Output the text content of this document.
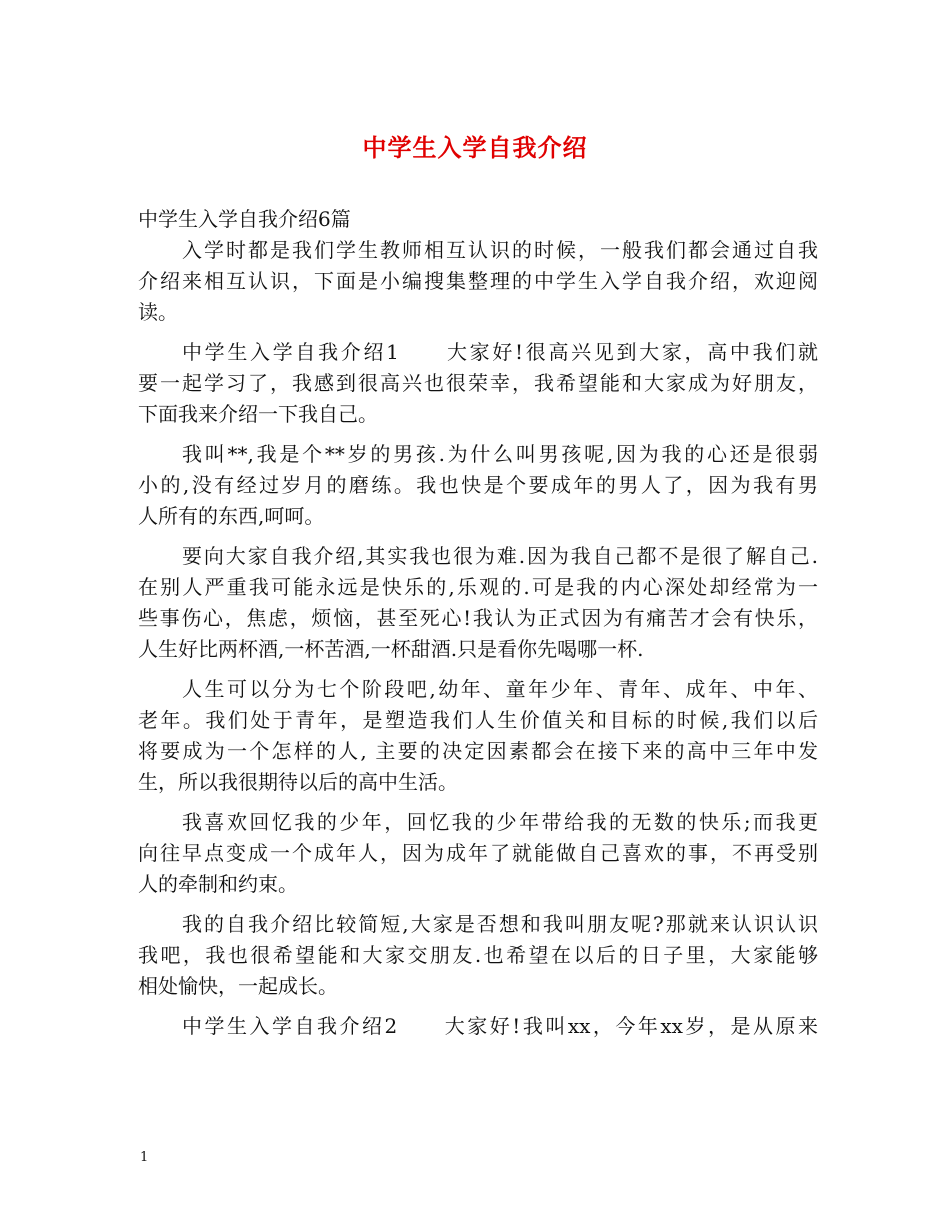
中学生入学自我介绍

中学生入学自我介绍6篇

入学时都是我们学生教师相互认识的时候，一般我们都会通过自我

介绍来相互认识，下面是小编搜集整理的中学生入学自我介绍，欢迎阅

读。

中学生入学自我介绍1　　大家好!很高兴见到大家，高中我们就

要一起学习了，我感到很高兴也很荣幸，我希望能和大家成为好朋友，

下面我来介绍一下我自己。

我叫**,我是个**岁的男孩.为什么叫男孩呢,因为我的心还是很弱

小的,没有经过岁月的磨练。我也快是个要成年的男人了，因为我有男

人所有的东西,呵呵。

要向大家自我介绍,其实我也很为难.因为我自己都不是很了解自己.

在别人严重我可能永远是快乐的,乐观的.可是我的内心深处却经常为一

些事伤心，焦虑，烦恼，甚至死心!我认为正式因为有痛苦才会有快乐，

人生好比两杯酒,一杯苦酒,一杯甜酒.只是看你先喝哪一杯.

人生可以分为七个阶段吧,幼年、童年少年、青年、成年、中年、

老年。我们处于青年，是塑造我们人生价值关和目标的时候,我们以后

将要成为一个怎样的人, 主要的决定因素都会在接下来的高中三年中发

生，所以我很期待以后的高中生活。

我喜欢回忆我的少年，回忆我的少年带给我的无数的快乐;而我更

向往早点变成一个成年人，因为成年了就能做自己喜欢的事，不再受别

人的牵制和约束。

我的自我介绍比较简短,大家是否想和我叫朋友呢?那就来认识认识

我吧，我也很希望能和大家交朋友.也希望在以后的日子里，大家能够

相处愉快，一起成长。

中学生入学自我介绍2　　大家好!我叫xx，今年xx岁，是从原来

1
